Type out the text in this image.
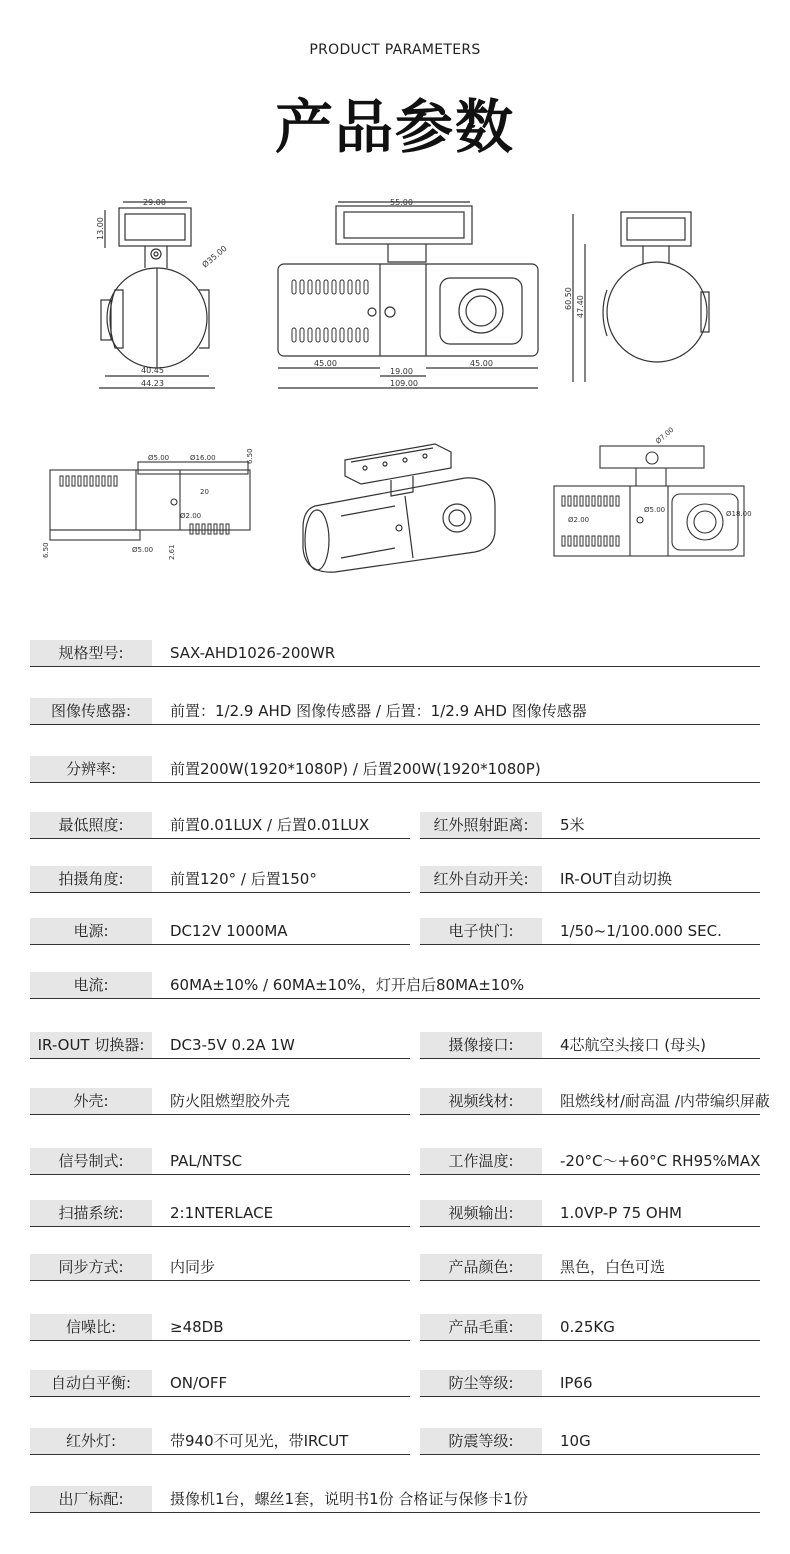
PRODUCT PARAMETERS
产品参数
29.00
13.00
Ø35.00
40.45
44.23
55.00
45.00
19.00
45.00
109.00
60.50 47.40
Ø5.00	Ø16.00	6.50
20
Ø2.00
6.50	Ø5.00 2.61
Ø7.00
Ø2.00
Ø5.00	Ø18.00
规格型号:	SAX-AHD1026-200WR
图像传感器:	前置：1/2.9 AHD 图像传感器 / 后置：1/2.9 AHD 图像传感器
分辨率:	前置200W(1920*1080P) / 后置200W(1920*1080P)
最低照度:	前置0.01LUX / 后置0.01LUX	红外照射距离:	5米
拍摄角度:	前置120° / 后置150°	红外自动开关:	IR-OUT自动切换
电源:	DC12V 1000MA	电子快门:	1/50~1/100.000 SEC.
电流:	60MA±10% / 60MA±10%，灯开启后80MA±10%
IR-OUT 切换器:	DC3-5V 0.2A 1W	摄像接口:	4芯航空头接口 (母头)
外壳:	防火阻燃塑胶外壳	视频线材:	阻燃线材/耐高温 /内带编织屏蔽
信号制式:	PAL/NTSC	工作温度:	-20°C～+60°C RH95%MAX
扫描系统:	2:1NTERLACE	视频输出:	1.0VP-P 75 OHM
同步方式:	内同步	产品颜色:	黑色，白色可选
信噪比:	≥48DB	产品毛重:	0.25KG
自动白平衡:	ON/OFF	防尘等级:	IP66
红外灯:	带940不可见光，带IRCUT	防震等级:	10G
出厂标配:	摄像机1台，螺丝1套，说明书1份 合格证与保修卡1份
